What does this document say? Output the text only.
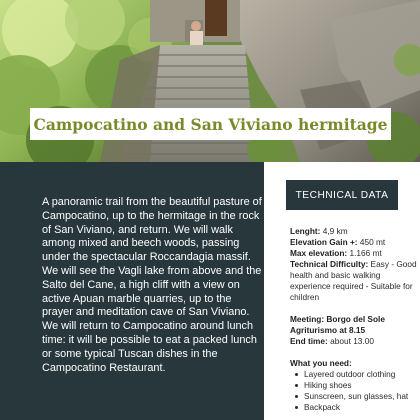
Campocatino and San Viviano hermitage

A panoramic trail from the beautiful pasture of Campocatino, up to the hermitage in the rock of San Viviano, and return. We will walk among mixed and beech woods, passing under the spectacular Roccandagia massif.

We will see the Vagli lake from above and the Salto del Cane, a high cliff with a view on active Apuan marble quarries, up to the prayer and meditation cave of San Viviano.

We will return to Campocatino around lunch time: it will be possible to eat a packed lunch or some typical Tuscan dishes in the Campocatino Restaurant.

TECHNICAL DATA

Lenght: 4,9 km

Elevation Gain +: 450 mt

Max elevation: 1.166 mt

Technical Difficulty: Easy - Good health and basic walking experience required - Suitable for children

Meeting: Borgo del Sole Agriturismo at 8.15

End time: about 13.00

What you need:

Layered outdoor clothing
Hiking shoes
Sunscreen, sun glasses, hat
Backpack
